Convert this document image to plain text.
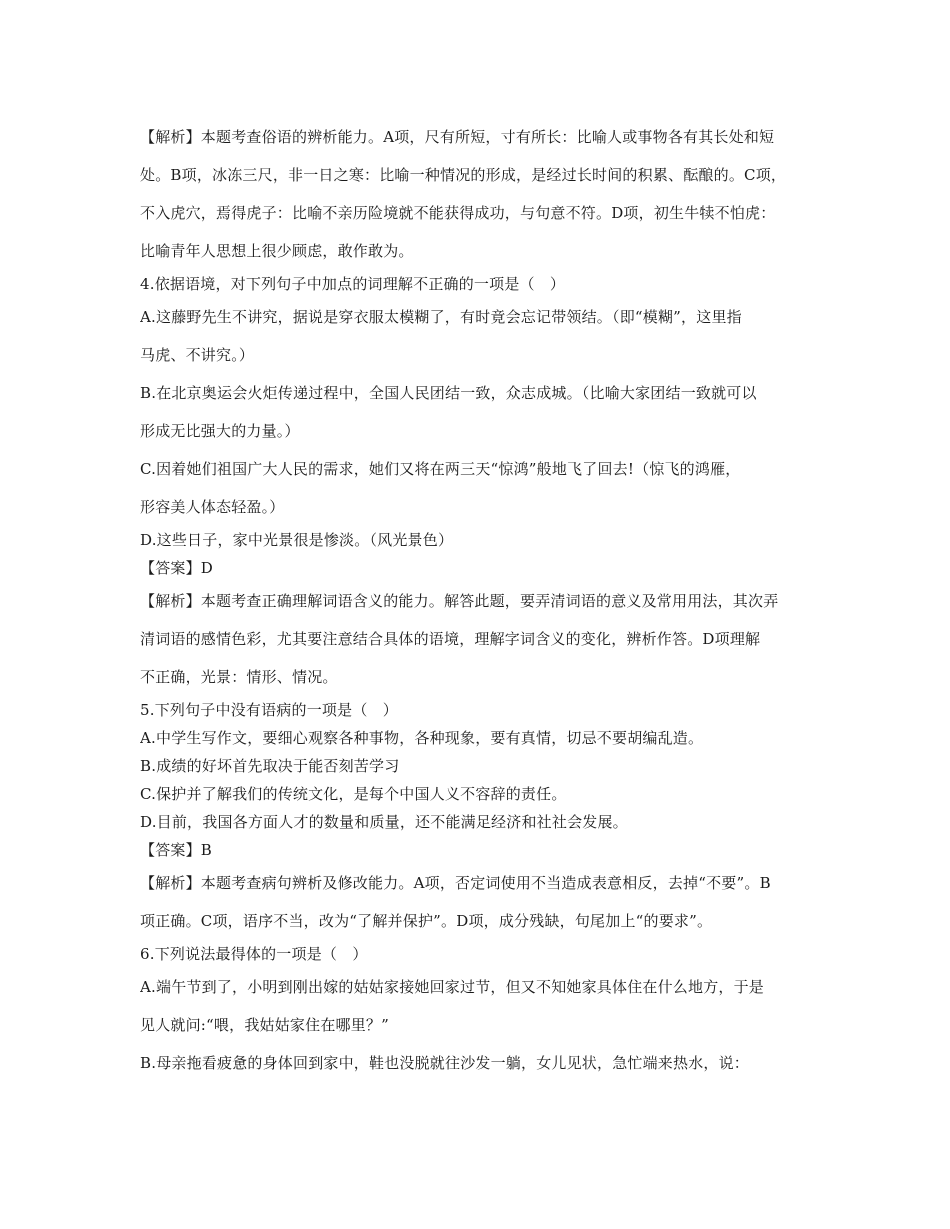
【解析】本题考查俗语的辨析能力。A项，尺有所短，寸有所长：比喻人或事物各有其长处和短
处。B项，冰冻三尺，非一日之寒：比喻一种情况的形成，是经过长时间的积累、酝酿的。C项，
不入虎穴，焉得虎子：比喻不亲历险境就不能获得成功，与句意不符。D项，初生牛犊不怕虎：
比喻青年人思想上很少顾虑，敢作敢为。
4.依据语境，对下列句子中加点的词理解不正确的一项是（　）
A.这藤野先生不讲究，据说是穿衣服太模糊了，有时竟会忘记带领结。（即“模糊”，这里指
马虎、不讲究。）
B.在北京奥运会火炬传递过程中，全国人民团结一致，众志成城。（比喻大家团结一致就可以
形成无比强大的力量。）
C.因着她们祖国广大人民的需求，她们又将在两三天“惊鸿”般地飞了回去!（惊飞的鸿雁，
形容美人体态轻盈。）
D.这些日子，家中光景很是惨淡。（风光景色）
【答案】D
【解析】本题考查正确理解词语含义的能力。解答此题，要弄清词语的意义及常用用法，其次弄
清词语的感情色彩，尤其要注意结合具体的语境，理解字词含义的变化，辨析作答。D项理解
不正确，光景：情形、情况。
5.下列句子中没有语病的一项是（　）
A.中学生写作文，要细心观察各种事物，各种现象，要有真情，切忌不要胡编乱造。
B.成绩的好坏首先取决于能否刻苦学习
C.保护并了解我们的传统文化，是每个中国人义不容辞的责任。
D.目前，我国各方面人才的数量和质量，还不能满足经济和社社会发展。
【答案】B
【解析】本题考查病句辨析及修改能力。A项，否定词使用不当造成表意相反，去掉“不要”。B
项正确。C项，语序不当，改为“了解并保护”。D项，成分残缺，句尾加上“的要求”。
6.下列说法最得体的一项是（　）
A.端午节到了，小明到刚出嫁的姑姑家接她回家过节，但又不知她家具体住在什么地方，于是
见人就问:“喂，我姑姑家住在哪里？”
B.母亲拖看疲惫的身体回到家中，鞋也没脱就往沙发一躺，女儿见状，急忙端来热水，说：
